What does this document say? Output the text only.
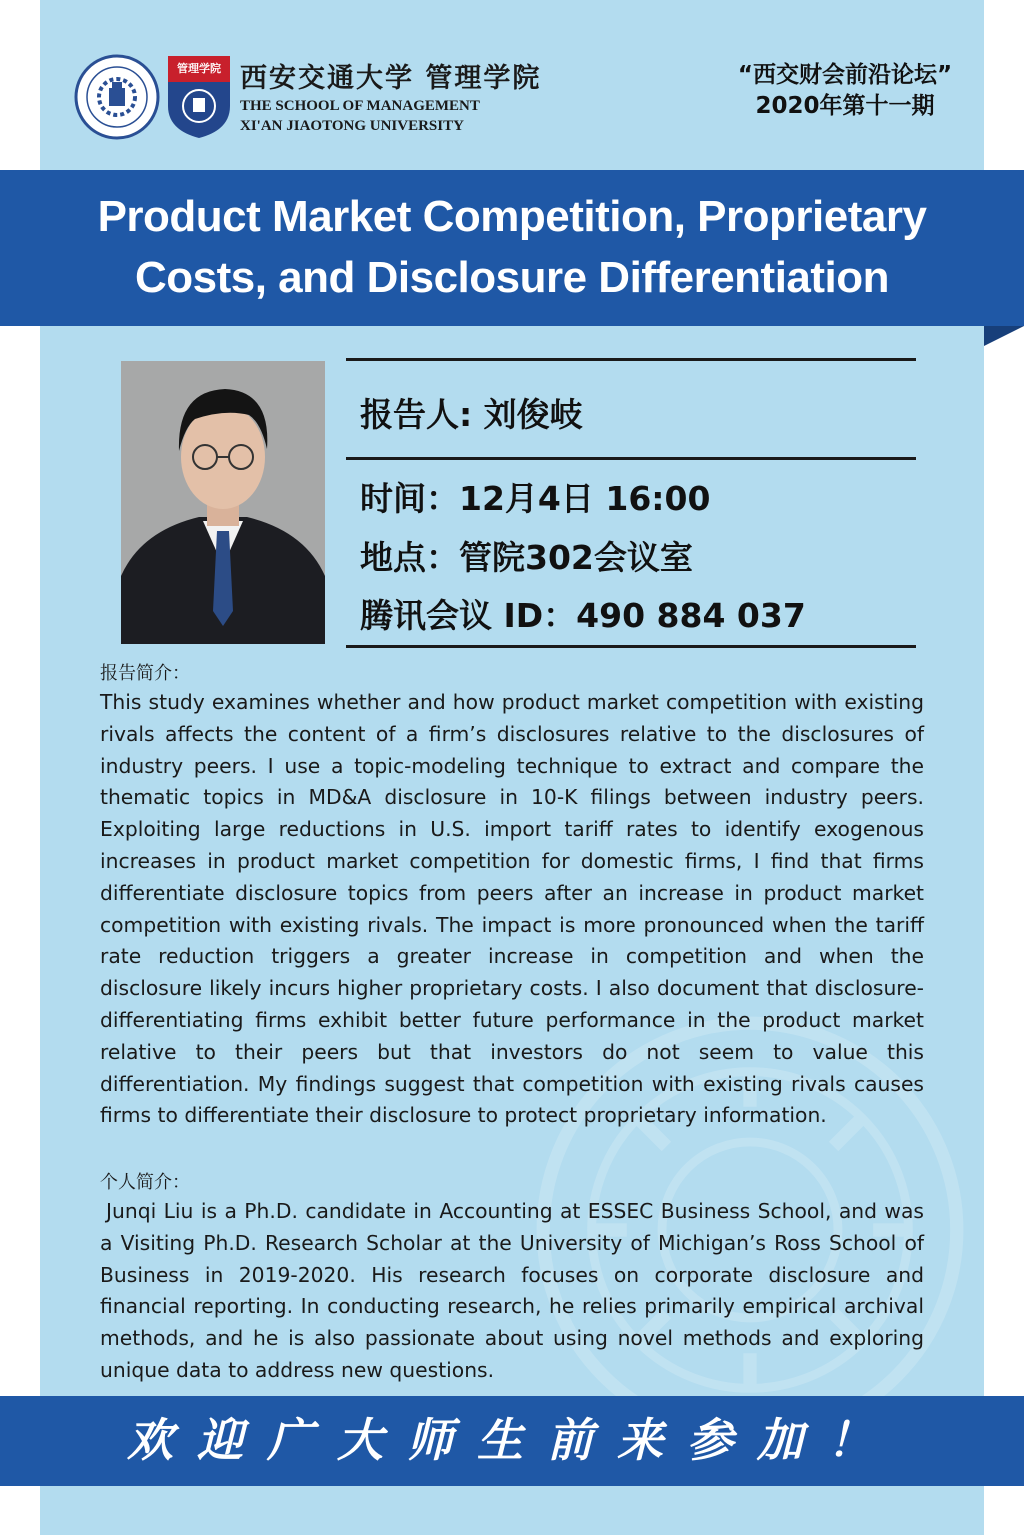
管理学院 西安交通大学 管理学院
THE SCHOOL OF MANAGEMENT
XI'AN JIAOTONG UNIVERSITY
“西交财会前沿论坛”
2020年第十一期
Product Market Competition, Proprietary
Costs, and Disclosure Differentiation
报告人: 刘俊岐
时间：12月4日 16:00
地点：管院302会议室
腾讯会议 ID：490 884 037
报告简介：

This study examines whether and how product market competition with existing rivals affects the content of a firm’s disclosures relative to the disclosures of industry peers. I use a topic-modeling technique to extract and compare the thematic topics in MD&A disclosure in 10-K filings between industry peers. Exploiting large reductions in U.S. import tariff rates to identify exogenous increases in product market competition for domestic firms, I find that firms differentiate disclosure topics from peers after an increase in product market competition with existing rivals. The impact is more pronounced when the tariff rate reduction triggers a greater increase in competition and when the disclosure likely incurs higher proprietary costs. I also document that disclosure-differentiating firms exhibit better future performance in the product market relative to their peers but that investors do not seem to value this differentiation. My findings suggest that competition with existing rivals causes firms to differentiate their disclosure to protect proprietary information.

个人简介：

Junqi Liu is a Ph.D. candidate in Accounting at ESSEC Business School, and was a Visiting Ph.D. Research Scholar at the University of Michigan’s Ross School of Business in 2019-2020. His research focuses on corporate disclosure and financial reporting. In conducting research, he relies primarily empirical archival methods, and he is also passionate about using novel methods and exploring unique data to address new questions.

欢迎广大师生前来参加！
